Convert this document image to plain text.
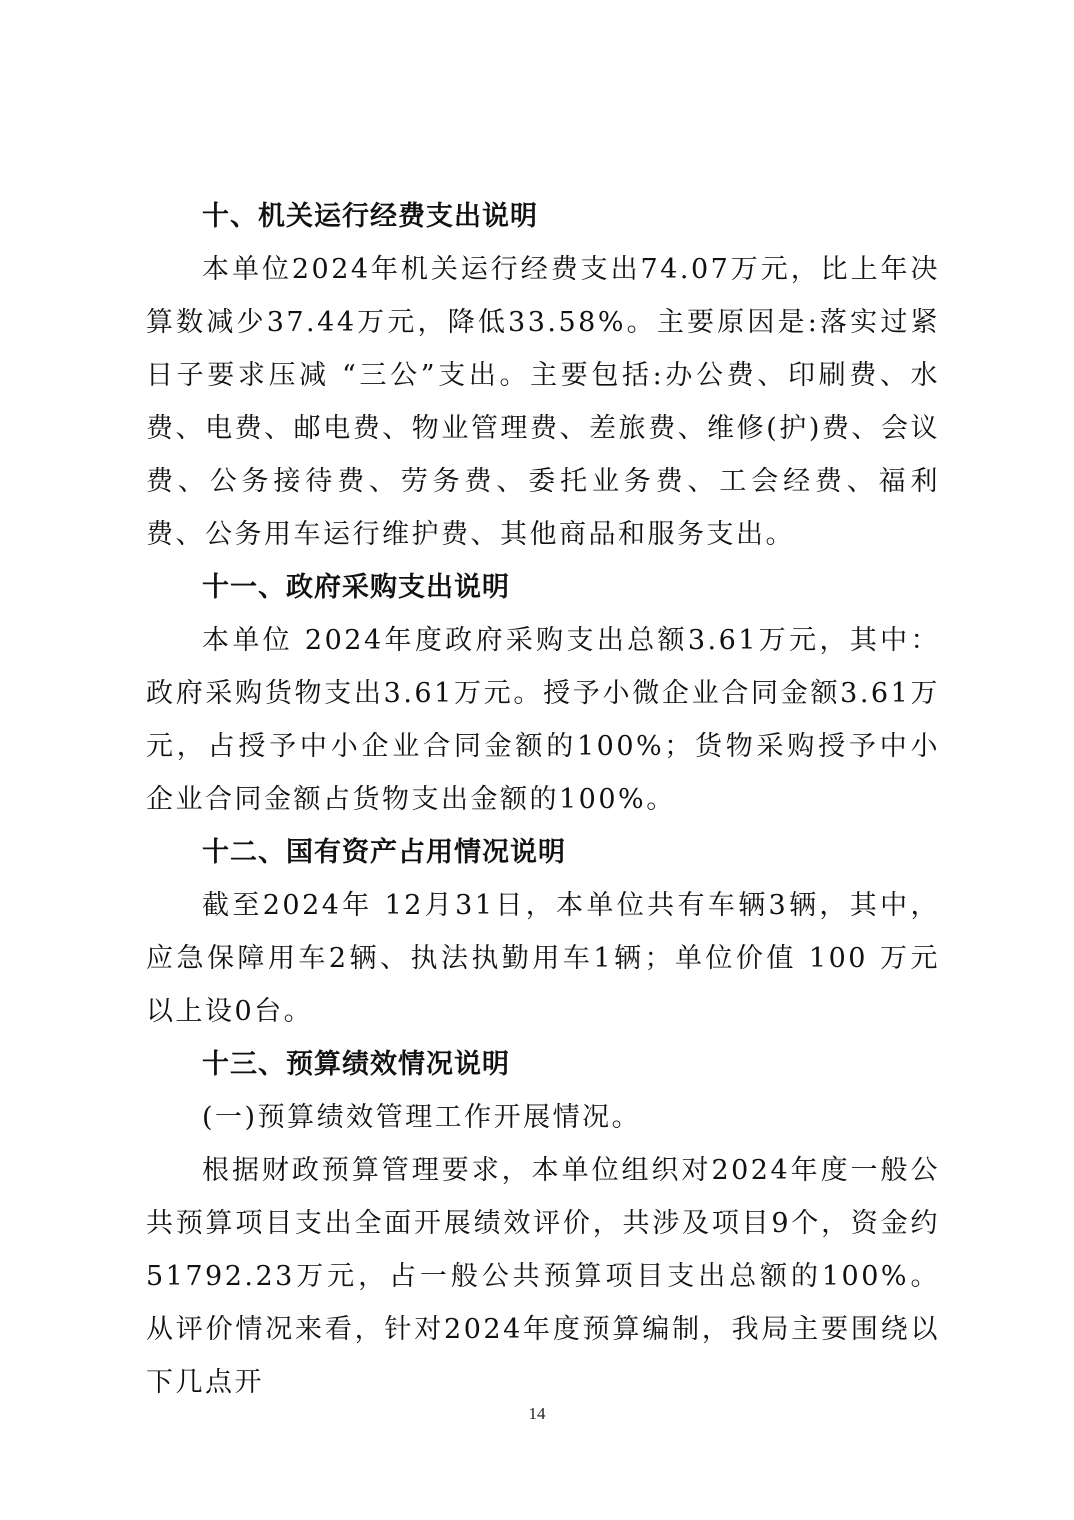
十、机关运行经费支出说明

本单位2024年机关运行经费支出74.07万元，比上年决算数减少37.44万元，降低33.58%。主要原因是:落实过紧日子要求压减 “三公”支出。主要包括:办公费、印刷费、水费、电费、邮电费、物业管理费、差旅费、维修(护)费、会议费、公务接待费、劳务费、委托业务费、工会经费、福利费、公务用车运行维护费、其他商品和服务支出。

十一、政府采购支出说明

本单位 2024年度政府采购支出总额3.61万元，其中：政府采购货物支出3.61万元。授予小微企业合同金额3.61万元，占授予中小企业合同金额的100%；货物采购授予中小企业合同金额占货物支出金额的100%。

十二、国有资产占用情况说明

截至2024年 12月31日，本单位共有车辆3辆，其中，应急保障用车2辆、执法执勤用车1辆；单位价值 100 万元以上设0台。

十三、预算绩效情况说明
(一)预算绩效管理工作开展情况。

根据财政预算管理要求，本单位组织对2024年度一般公共预算项目支出全面开展绩效评价，共涉及项目9个，资金约51792.23万元，占一般公共预算项目支出总额的100%。从评价情况来看，针对2024年度预算编制，我局主要围绕以下几点开

14
